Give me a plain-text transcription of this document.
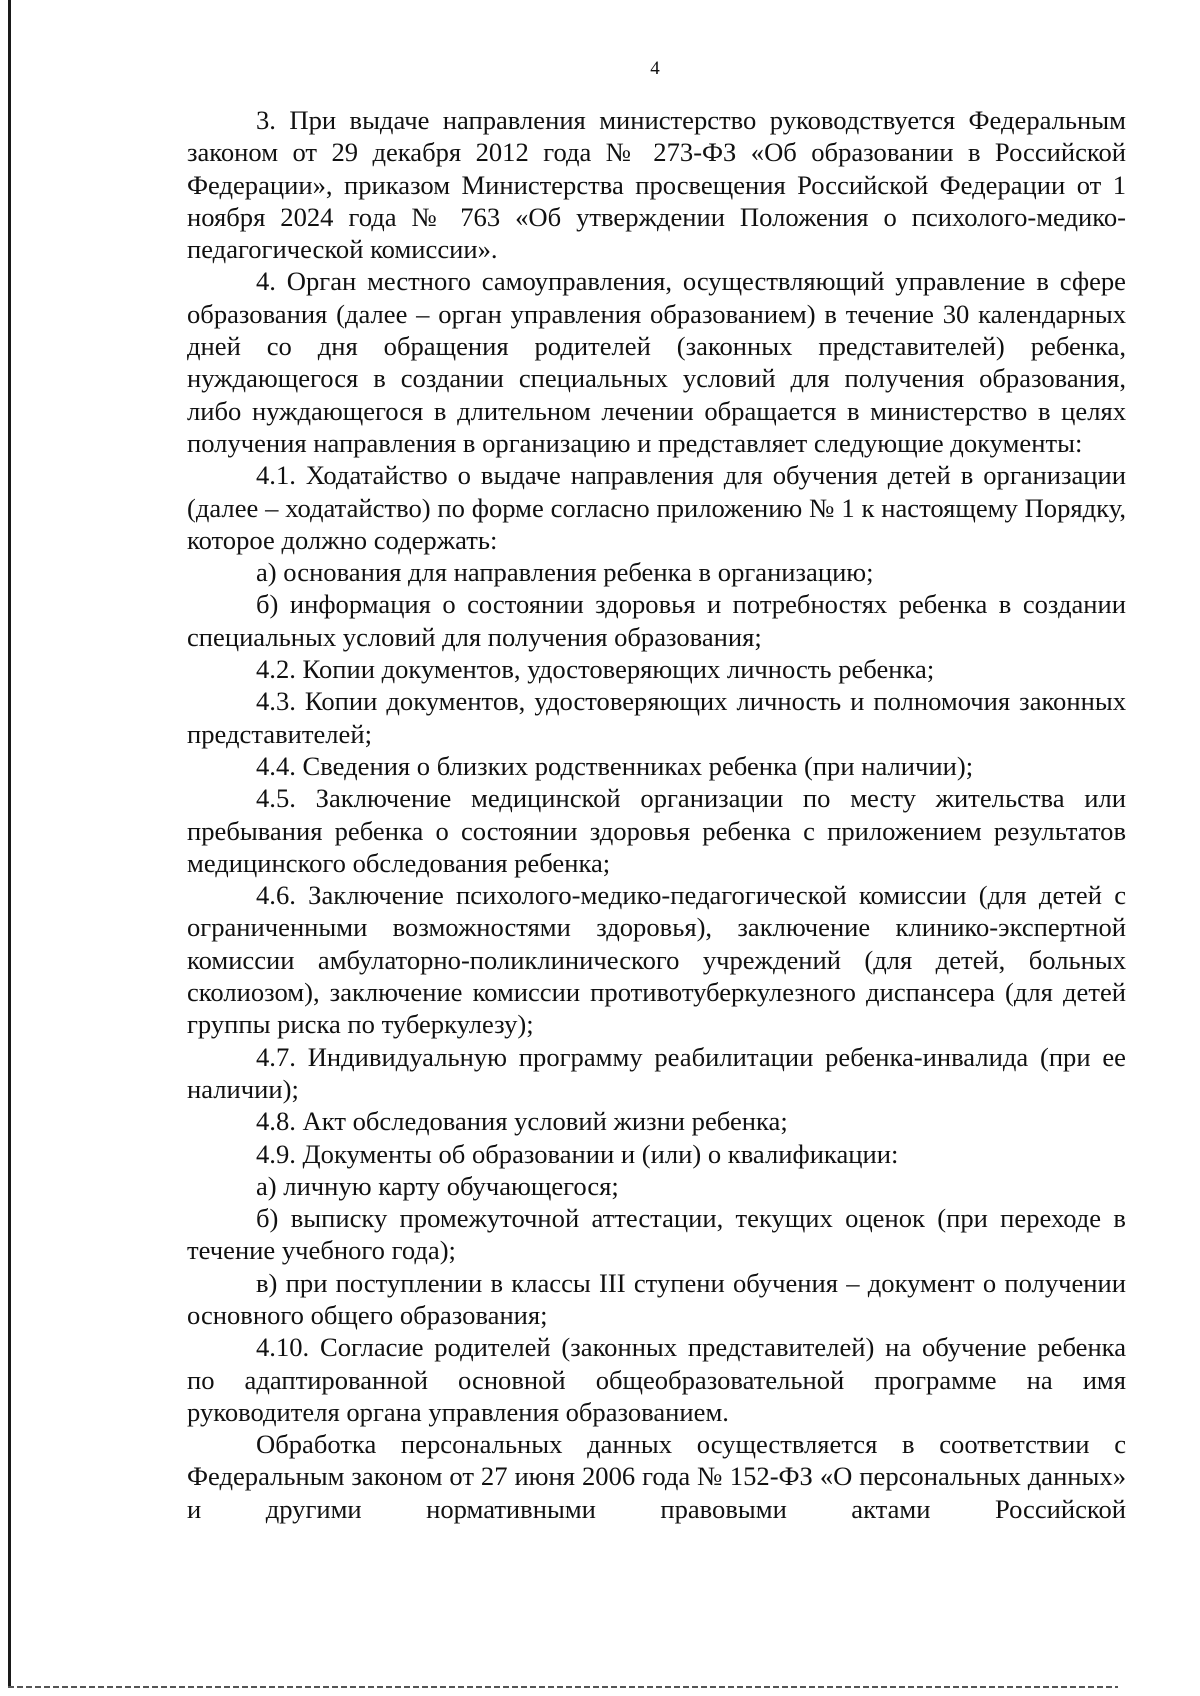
4

3. При выдаче направления министерство руководствуется Федеральным законом от 29 декабря 2012 года № 273-ФЗ «Об образовании в Российской Федерации», приказом Министерства просвещения Российской Федерации от 1 ноября 2024 года № 763 «Об утверждении Положения о психолого-медико-педагогической комиссии».

4. Орган местного самоуправления, осуществляющий управление в сфере образования (далее – орган управления образованием) в течение 30 календарных дней со дня обращения родителей (законных представителей) ребенка, нуждающегося в создании специальных условий для получения образования, либо нуждающегося в длительном лечении обращается в министерство в целях получения направления в организацию и представляет следующие документы:

4.1. Ходатайство о выдаче направления для обучения детей в организации (далее – ходатайство) по форме согласно приложению № 1 к настоящему Порядку, которое должно содержать:

а) основания для направления ребенка в организацию;

б) информация о состоянии здоровья и потребностях ребенка в создании специальных условий для получения образования;

4.2. Копии документов, удостоверяющих личность ребенка;

4.3. Копии документов, удостоверяющих личность и полномочия законных представителей;

4.4. Сведения о близких родственниках ребенка (при наличии);

4.5. Заключение медицинской организации по месту жительства или пребывания ребенка о состоянии здоровья ребенка с приложением результатов медицинского обследования ребенка;

4.6. Заключение психолого-медико-педагогической комиссии (для детей с ограниченными возможностями здоровья), заключение клинико-экспертной комиссии амбулаторно-поликлинического учреждений (для детей, больных сколиозом), заключение комиссии противотуберкулезного диспансера (для детей группы риска по туберкулезу);

4.7. Индивидуальную программу реабилитации ребенка-инвалида (при ее наличии);

4.8. Акт обследования условий жизни ребенка;

4.9. Документы об образовании и (или) о квалификации:

а) личную карту обучающегося;

б) выписку промежуточной аттестации, текущих оценок (при переходе в течение учебного года);

в) при поступлении в классы III ступени обучения – документ о получении основного общего образования;

4.10. Согласие родителей (законных представителей) на обучение ребенка по адаптированной основной общеобразовательной программе на имя руководителя органа управления образованием.

Обработка персональных данных осуществляется в соответствии с Федеральным законом от 27 июня 2006 года № 152-ФЗ «О персональных данных» и другими нормативными правовыми актами Российской
